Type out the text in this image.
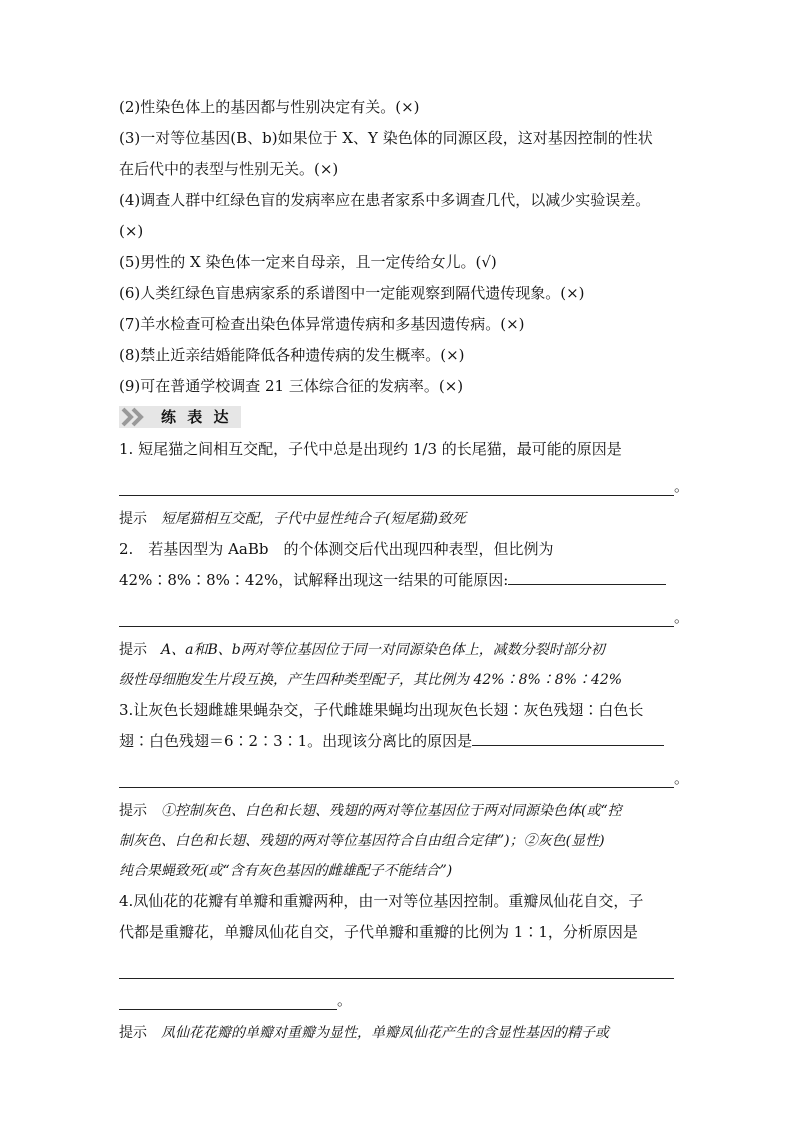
(2)性染色体上的基因都与性别决定有关。(×)
(3)一对等位基因(B、b)如果位于 X、Y 染色体的同源区段，这对基因控制的性状
在后代中的表型与性别无关。(×)
(4)调查人群中红绿色盲的发病率应在患者家系中多调查几代，以减少实验误差。
(×)
(5)男性的 X 染色体一定来自母亲，且一定传给女儿。(√)
(6)人类红绿色盲患病家系的系谱图中一定能观察到隔代遗传现象。(×)
(7)羊水检查可检查出染色体异常遗传病和多基因遗传病。(×)
(8)禁止近亲结婚能降低各种遗传病的发生概率。(×)
(9)可在普通学校调查 21 三体综合征的发病率。(×)
练 表 达
1. 短尾猫之间相互交配，子代中总是出现约 1/3 的长尾猫，最可能的原因是
。
提示 短尾猫相互交配，子代中显性纯合子(短尾猫)致死
2.　若基因型为 AaBb　的个体测交后代出现四种表型，但比例为
42%∶8%∶8%∶42%，试解释出现这一结果的可能原因:
。
提示 A、a和B、b两对等位基因位于同一对同源染色体上，减数分裂时部分初
级性母细胞发生片段互换，产生四种类型配子，其比例为 42%∶8%∶8%∶42%
3.让灰色长翅雌雄果蝇杂交，子代雌雄果蝇均出现灰色长翅∶灰色残翅∶白色长
翅∶白色残翅＝6∶2∶3∶1。出现该分离比的原因是
。
提示 ①控制灰色、白色和长翅、残翅的两对等位基因位于两对同源染色体(或“控
制灰色、白色和长翅、残翅的两对等位基因符合自由组合定律”)；②灰色(显性)
纯合果蝇致死(或“含有灰色基因的雌雄配子不能结合”)
4.凤仙花的花瓣有单瓣和重瓣两种，由一对等位基因控制。重瓣凤仙花自交，子
代都是重瓣花，单瓣凤仙花自交，子代单瓣和重瓣的比例为 1∶1，分析原因是
。
提示 凤仙花花瓣的单瓣对重瓣为显性，单瓣凤仙花产生的含显性基因的精子或
